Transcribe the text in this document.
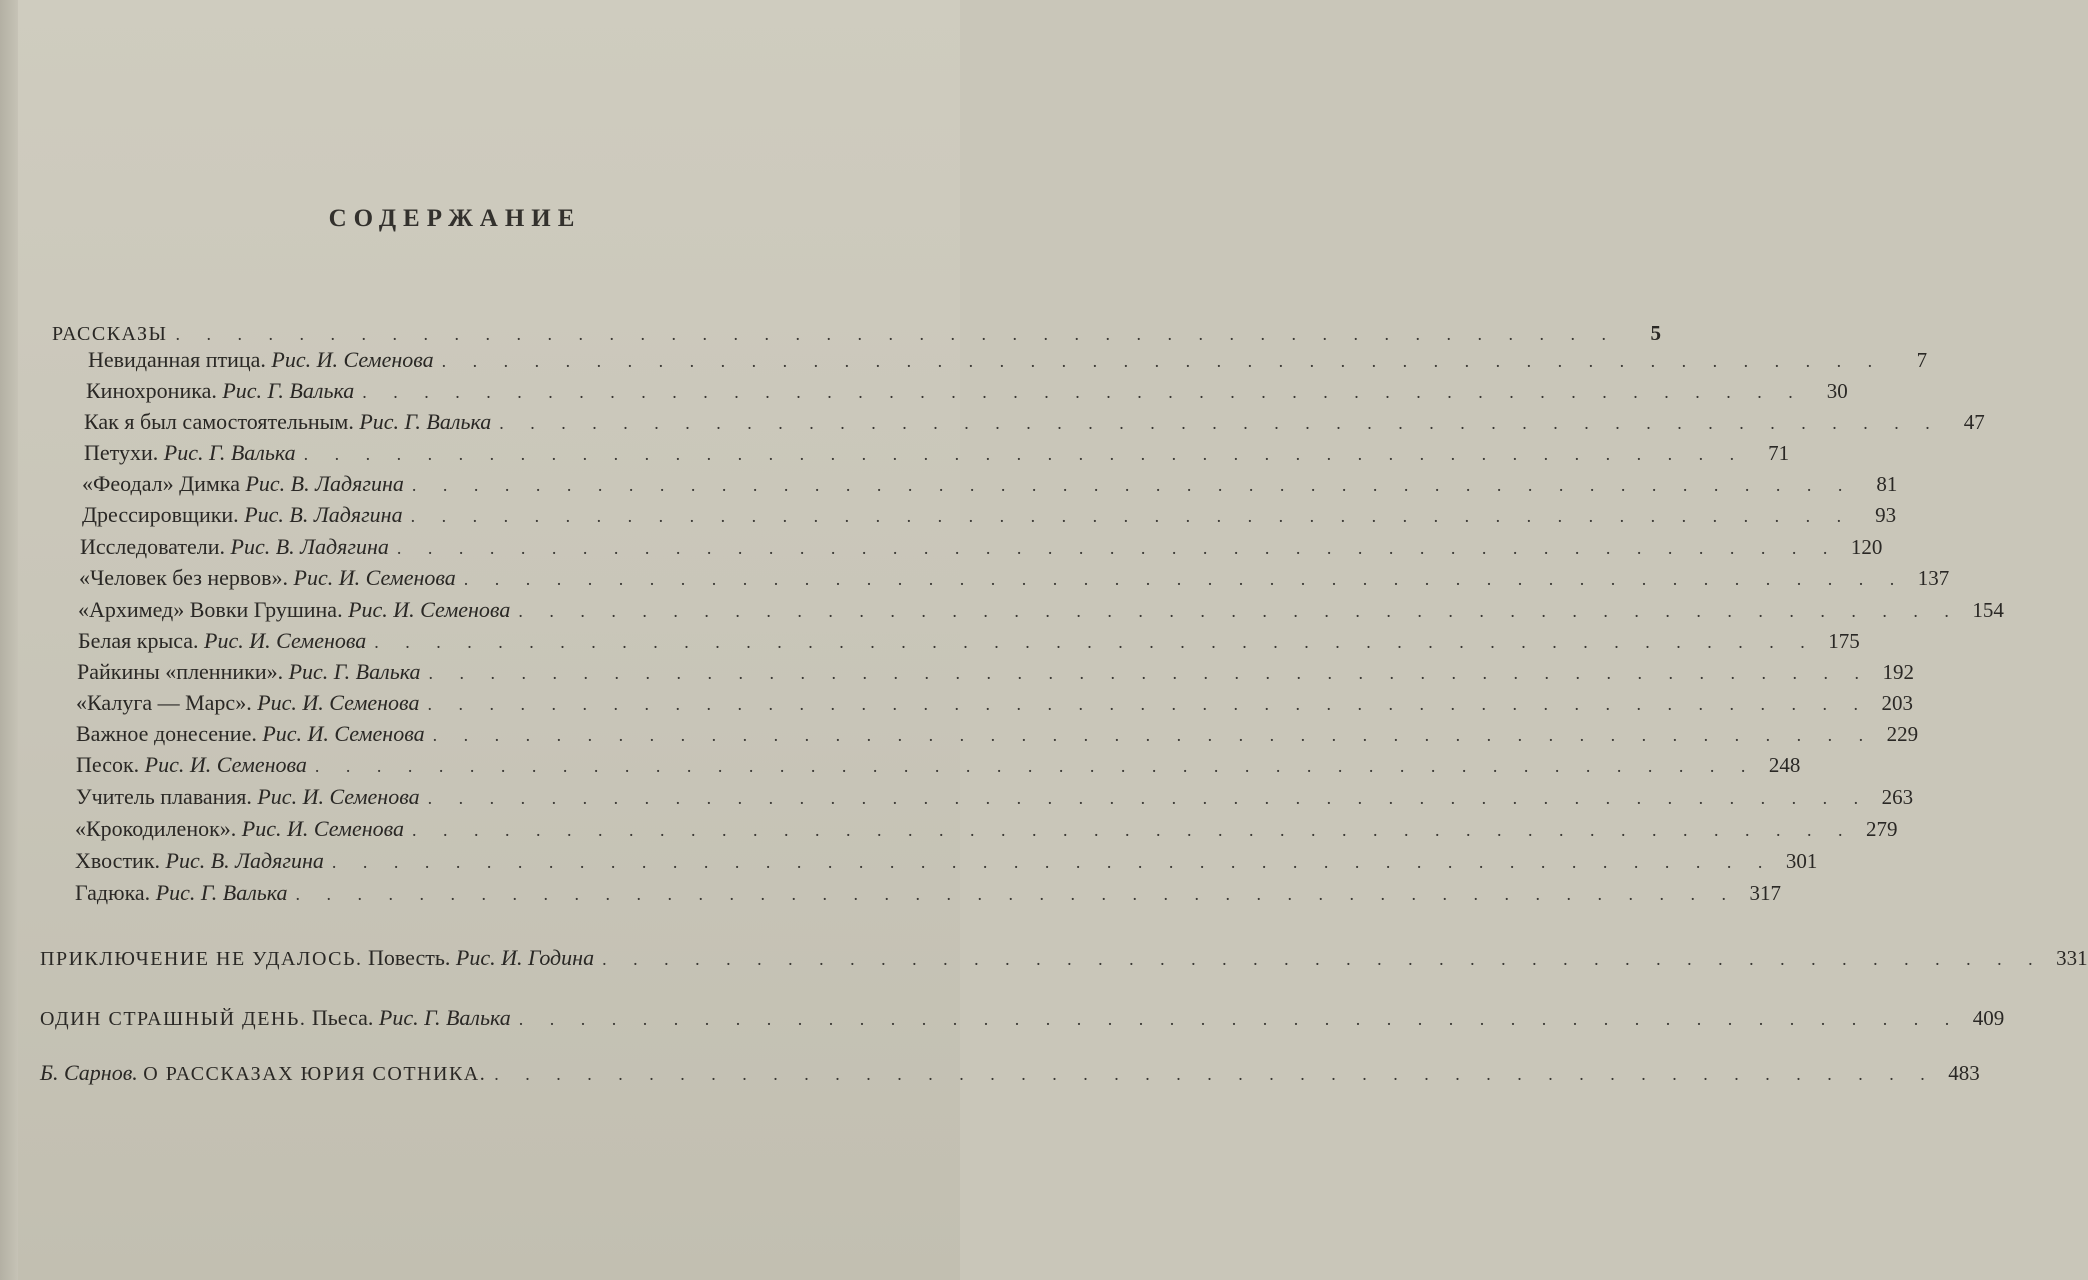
СОДЕРЖАНИЕ
РАССКАЗЫ . . . . . . . . . . . . . . . . . . . . . . . . . . . . . . . . . . . . . . . . . . . . . . .	5
Невиданная птица. Рис. И. Семенова . . . . . . . . . . . . . . . . . . . . . . . . . . . . . . . . . . . . . . . . . . . . . . .	7
Кинохроника. Рис. Г. Валька . . . . . . . . . . . . . . . . . . . . . . . . . . . . . . . . . . . . . . . . . . . . . . .	30
Как я был самостоятельным. Рис. Г. Валька . . . . . . . . . . . . . . . . . . . . . . . . . . . . . . . . . . . . . . . . . . . . . . .	47
Петухи. Рис. Г. Валька . . . . . . . . . . . . . . . . . . . . . . . . . . . . . . . . . . . . . . . . . . . . . . .	71
«Феодал» Димка Рис. В. Ладягина . . . . . . . . . . . . . . . . . . . . . . . . . . . . . . . . . . . . . . . . . . . . . . .	81
Дрессировщики. Рис. В. Ладягина . . . . . . . . . . . . . . . . . . . . . . . . . . . . . . . . . . . . . . . . . . . . . . .	93
Исследователи. Рис. В. Ладягина . . . . . . . . . . . . . . . . . . . . . . . . . . . . . . . . . . . . . . . . . . . . . . . 120
«Человек без нервов». Рис. И. Семенова . . . . . . . . . . . . . . . . . . . . . . . . . . . . . . . . . . . . . . . . . . . . . . . 137
«Архимед» Вовки Грушина. Рис. И. Семенова . . . . . . . . . . . . . . . . . . . . . . . . . . . . . . . . . . . . . . . . . . . . . . . 154
Белая крыса. Рис. И. Семенова . . . . . . . . . . . . . . . . . . . . . . . . . . . . . . . . . . . . . . . . . . . . . . . 175
Райкины «пленники». Рис. Г. Валька . . . . . . . . . . . . . . . . . . . . . . . . . . . . . . . . . . . . . . . . . . . . . . . 192
«Калуга — Марс». Рис. И. Семенова . . . . . . . . . . . . . . . . . . . . . . . . . . . . . . . . . . . . . . . . . . . . . . . 203
Важное донесение. Рис. И. Семенова . . . . . . . . . . . . . . . . . . . . . . . . . . . . . . . . . . . . . . . . . . . . . . . 229
Песок. Рис. И. Семенова . . . . . . . . . . . . . . . . . . . . . . . . . . . . . . . . . . . . . . . . . . . . . . . 248
Учитель плавания. Рис. И. Семенова . . . . . . . . . . . . . . . . . . . . . . . . . . . . . . . . . . . . . . . . . . . . . . . 263
«Крокодиленок». Рис. И. Семенова . . . . . . . . . . . . . . . . . . . . . . . . . . . . . . . . . . . . . . . . . . . . . . . 279
Хвостик. Рис. В. Ладягина . . . . . . . . . . . . . . . . . . . . . . . . . . . . . . . . . . . . . . . . . . . . . . . 301
Гадюка. Рис. Г. Валька . . . . . . . . . . . . . . . . . . . . . . . . . . . . . . . . . . . . . . . . . . . . . . . 317
ПРИКЛЮЧЕНИЕ НЕ УДАЛОСЬ. Повесть. Рис. И. Година . . . . . . . . . . . . . . . . . . . . . . . . . . . . . . . . . . . . . . . . . . . . . . . 331
ОДИН СТРАШНЫЙ ДЕНЬ. Пьеса. Рис. Г. Валька . . . . . . . . . . . . . . . . . . . . . . . . . . . . . . . . . . . . . . . . . . . . . . . 409
Б. Сарнов. О РАССКАЗАХ ЮРИЯ СОТНИКА. . . . . . . . . . . . . . . . . . . . . . . . . . . . . . . . . . . . . . . . . . . . . . . . 483
